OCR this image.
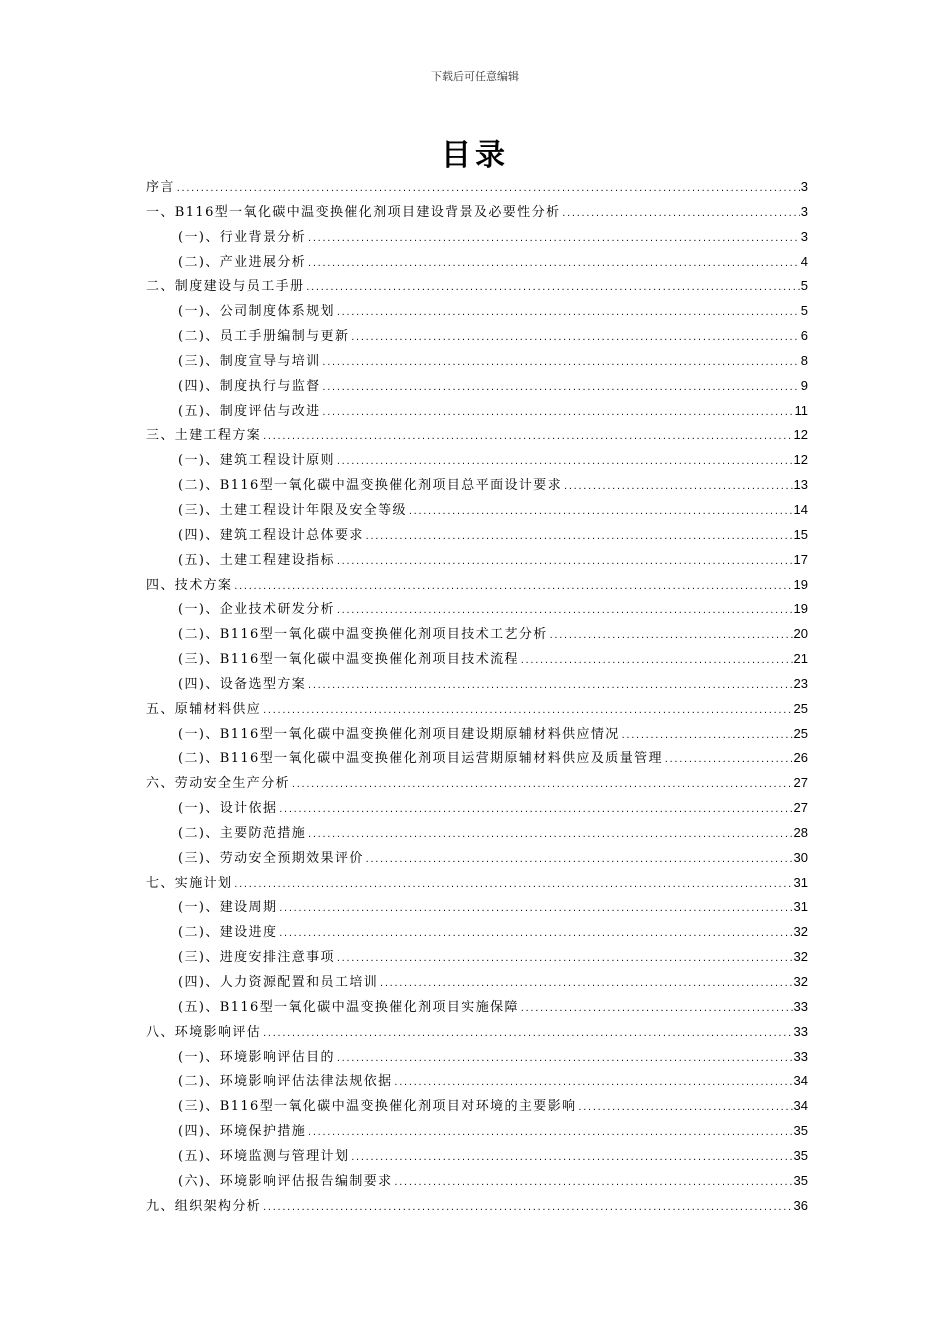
下载后可任意编辑
目录
序言 .....	3
一、B116型一氧化碳中温变换催化剂项目建设背景及必要性分析 .....	3
(一)、行业背景分析 .....	3
(二)、产业进展分析 .....	4
二、制度建设与员工手册 .....	5
(一)、公司制度体系规划 .....	5
(二)、员工手册编制与更新 .....	6
(三)、制度宣导与培训 .....	8
(四)、制度执行与监督 .....	9
(五)、制度评估与改进 .....	11
三、土建工程方案 .....	12
(一)、建筑工程设计原则 .....	12
(二)、B116型一氧化碳中温变换催化剂项目总平面设计要求 .....	13
(三)、土建工程设计年限及安全等级 .....	14
(四)、建筑工程设计总体要求 .....	15
(五)、土建工程建设指标 .....	17
四、技术方案 .....	19
(一)、企业技术研发分析 .....	19
(二)、B116型一氧化碳中温变换催化剂项目技术工艺分析 .....	20
(三)、B116型一氧化碳中温变换催化剂项目技术流程 .....	21
(四)、设备选型方案 .....	23
五、原辅材料供应 .....	25
(一)、B116型一氧化碳中温变换催化剂项目建设期原辅材料供应情况 .....	25
(二)、B116型一氧化碳中温变换催化剂项目运营期原辅材料供应及质量管理 .....	26
六、劳动安全生产分析 .....	27
(一)、设计依据 .....	27
(二)、主要防范措施 .....	28
(三)、劳动安全预期效果评价 .....	30
七、实施计划 .....	31
(一)、建设周期 .....	31
(二)、建设进度 .....	32
(三)、进度安排注意事项 .....	32
(四)、人力资源配置和员工培训 .....	32
(五)、B116型一氧化碳中温变换催化剂项目实施保障 .....	33
八、环境影响评估 .....	33
(一)、环境影响评估目的 .....	33
(二)、环境影响评估法律法规依据 .....	34
(三)、B116型一氧化碳中温变换催化剂项目对环境的主要影响 .....	34
(四)、环境保护措施 .....	35
(五)、环境监测与管理计划 .....	35
(六)、环境影响评估报告编制要求 .....	35
九、组织架构分析 .....	36
